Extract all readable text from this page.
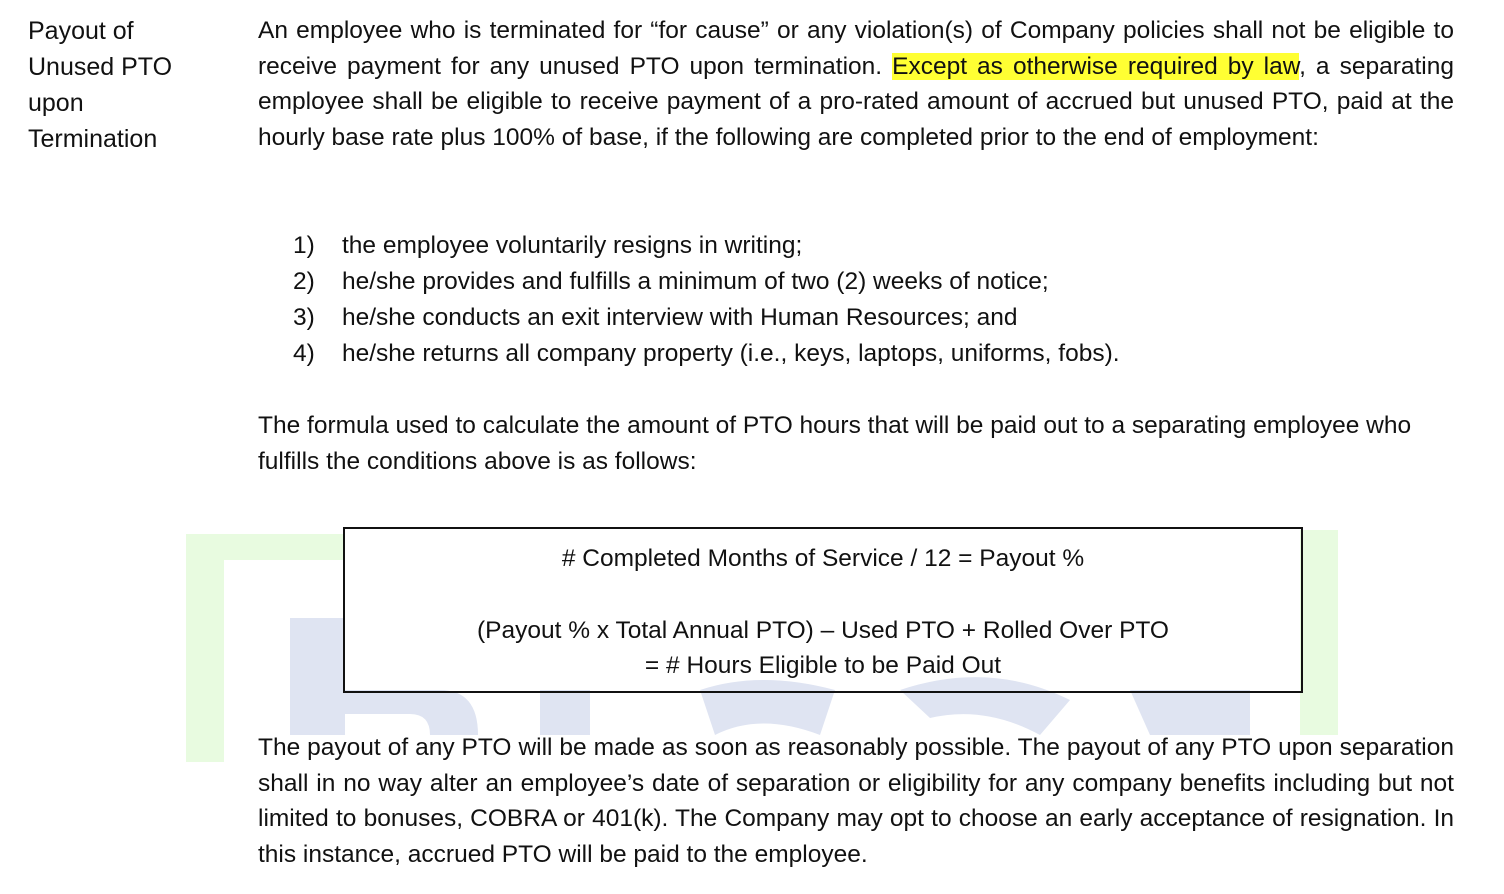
Payout of
Unused PTO
upon
Termination

An employee who is terminated for “for cause” or any violation(s) of Company policies shall not be eligible to receive payment for any unused PTO upon termination. Except as otherwise required by law, a separating employee shall be eligible to receive payment of a pro-rated amount of accrued but unused PTO, paid at the hourly base rate plus 100% of base, if the following are completed prior to the end of employment:

1)	the employee voluntarily resigns in writing;
2)	he/she provides and fulfills a minimum of two (2) weeks of notice;
3)	he/she conducts an exit interview with Human Resources; and
4)	he/she returns all company property (i.e., keys, laptops, uniforms, fobs).

The formula used to calculate the amount of PTO hours that will be paid out to a separating employee who fulfills the conditions above is as follows:

# Completed Months of Service / 12 = Payout %
(Payout % x Total Annual PTO) – Used PTO + Rolled Over PTO
= # Hours Eligible to be Paid Out

The payout of any PTO will be made as soon as reasonably possible. The payout of any PTO upon separation shall in no way alter an employee’s date of separation or eligibility for any company benefits including but not limited to bonuses, COBRA or 401(k). The Company may opt to choose an early acceptance of resignation. In this instance, accrued PTO will be paid to the employee.
